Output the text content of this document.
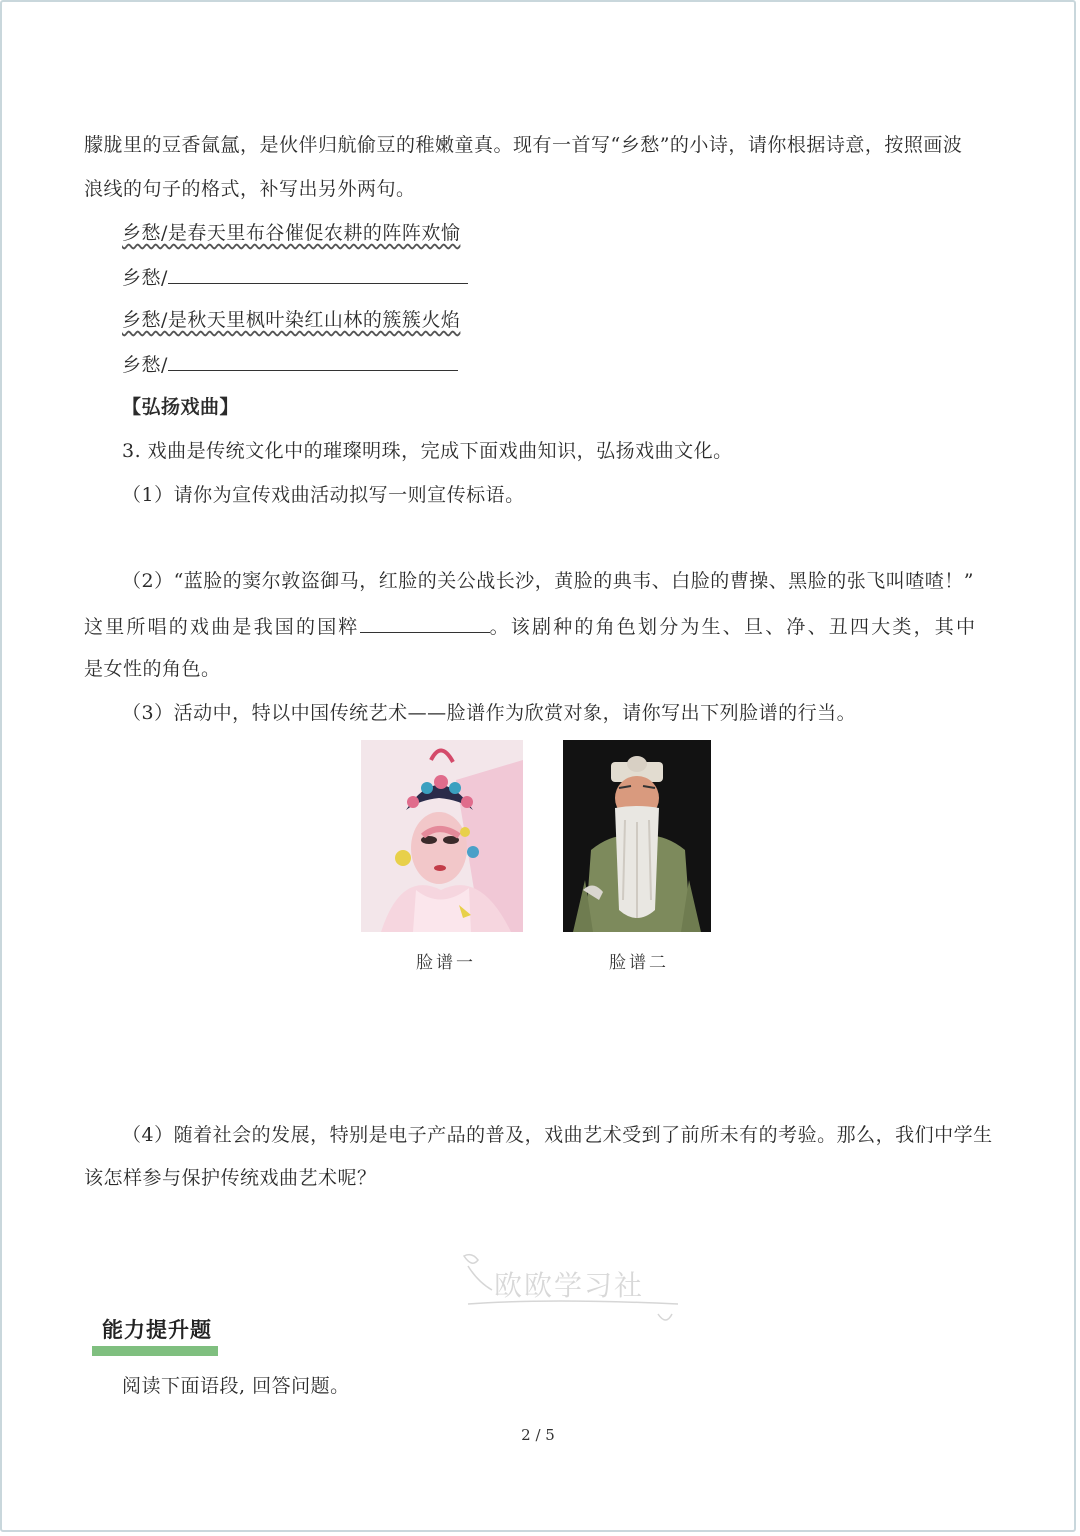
朦胧里的豆香氤氲，是伙伴归航偷豆的稚嫩童真。现有一首写“乡愁”的小诗，请你根据诗意，按照画波
浪线的句子的格式，补写出另外两句。
乡愁/是春天里布谷催促农耕的阵阵欢愉
乡愁/
乡愁/是秋天里枫叶染红山林的簇簇火焰
乡愁/
【弘扬戏曲】
3. 戏曲是传统文化中的璀璨明珠，完成下面戏曲知识，弘扬戏曲文化。
（1）请你为宣传戏曲活动拟写一则宣传标语。
（2）“蓝脸的窦尔敦盗御马，红脸的关公战长沙，黄脸的典韦、白脸的曹操、黑脸的张飞叫喳喳！”
这里所唱的戏曲是我国的国粹	。该剧种的角色划分为生、旦、净、丑四大类，其中
是女性的角色。
（3）活动中，特以中国传统艺术——脸谱作为欣赏对象，请你写出下列脸谱的行当。
脸谱一	脸谱二
（4）随着社会的发展，特别是电子产品的普及，戏曲艺术受到了前所未有的考验。那么，我们中学生
该怎样参与保护传统戏曲艺术呢？
欧欧学习社
能力提升题
阅读下面语段, 回答问题。
2 / 5
